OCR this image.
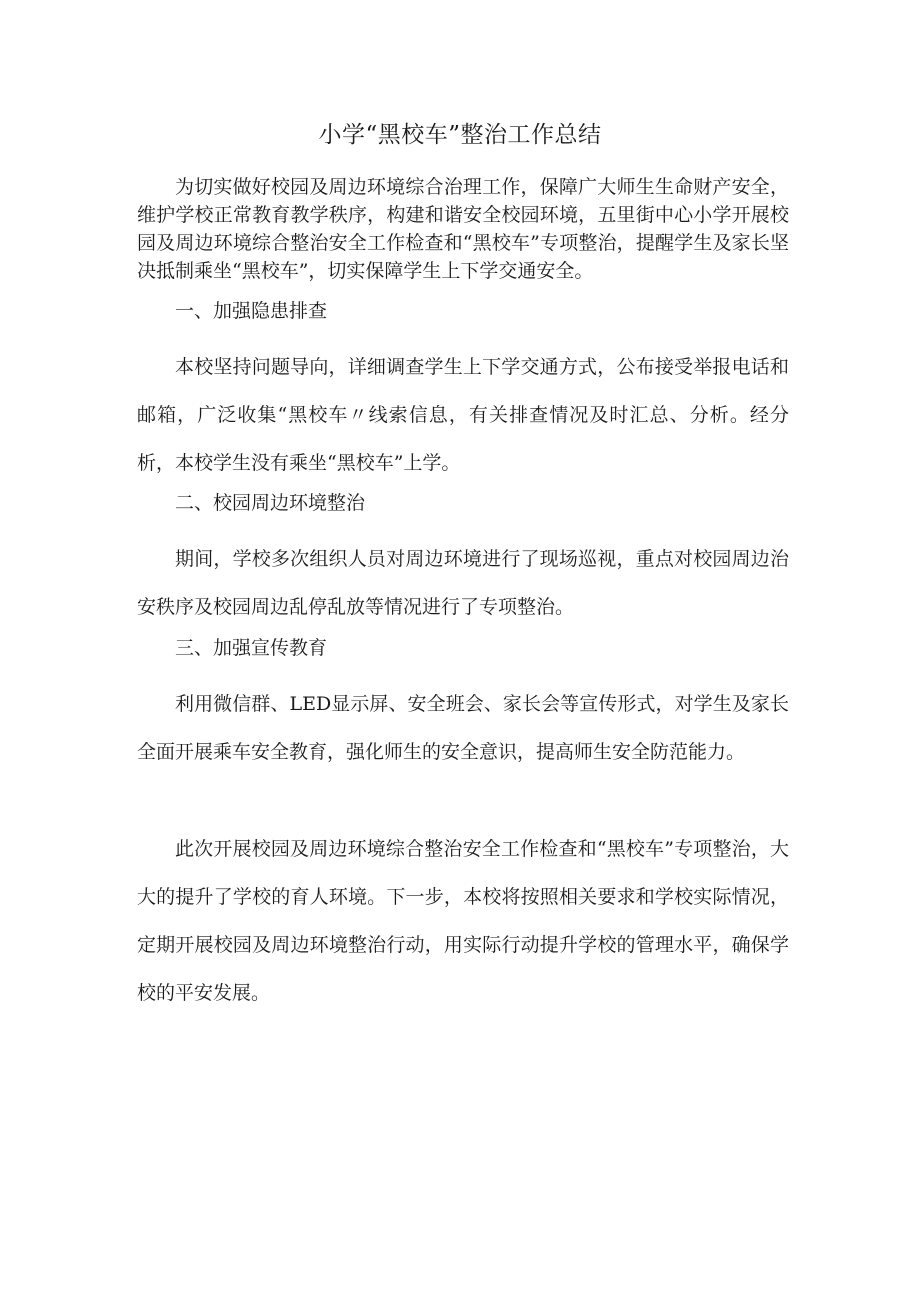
小学“黑校车”整治工作总结

为切实做好校园及周边环境综合治理工作，保障广大师生生命财产安全，维护学校正常教育教学秩序，构建和谐安全校园环境，五里街中心小学开展校园及周边环境综合整治安全工作检查和“黑校车”专项整治，提醒学生及家长坚决抵制乘坐“黑校车”，切实保障学生上下学交通安全。

一、加强隐患排查

本校坚持问题导向，详细调查学生上下学交通方式，公布接受举报电话和邮箱，广泛收集“黑校车〃线索信息，有关排查情况及时汇总、分析。经分析，本校学生没有乘坐“黑校车”上学。

二、校园周边环境整治

期间，学校多次组织人员对周边环境进行了现场巡视，重点对校园周边治安秩序及校园周边乱停乱放等情况进行了专项整治。

三、加强宣传教育

利用微信群、LED显示屏、安全班会、家长会等宣传形式，对学生及家长全面开展乘车安全教育，强化师生的安全意识，提高师生安全防范能力。

此次开展校园及周边环境综合整治安全工作检查和“黑校车”专项整治，大大的提升了学校的育人环境。下一步，本校将按照相关要求和学校实际情况，定期开展校园及周边环境整治行动，用实际行动提升学校的管理水平，确保学校的平安发展。
